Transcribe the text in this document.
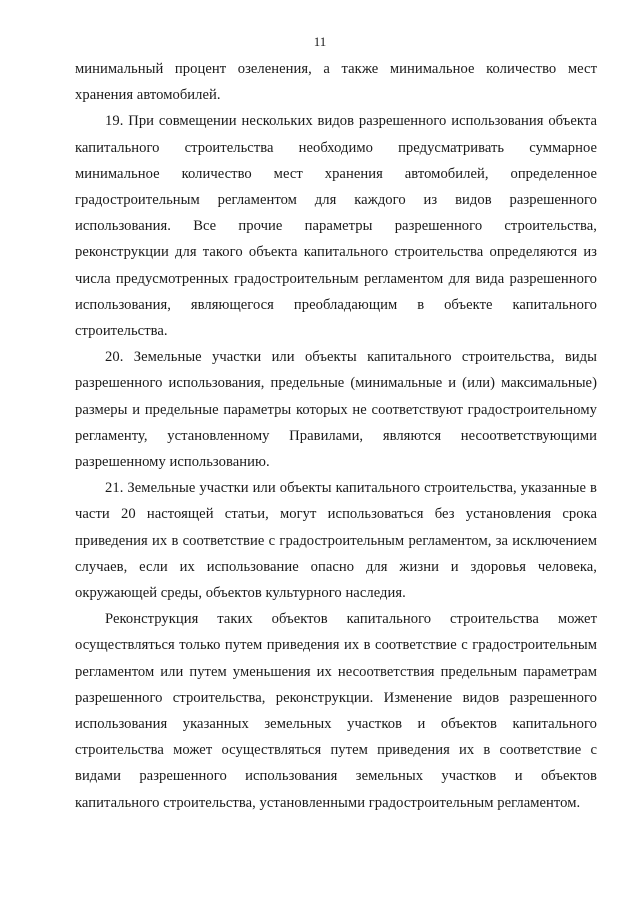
11

минимальный процент озеленения, а также минимальное количество мест хранения автомобилей.

19. При совмещении нескольких видов разрешенного использования объекта капитального строительства необходимо предусматривать суммарное минимальное количество мест хранения автомобилей, определенное градостроительным регламентом для каждого из видов разрешенного использования. Все прочие параметры разрешенного строительства, реконструкции для такого объекта капитального строительства определяются из числа предусмотренных градостроительным регламентом для вида разрешенного использования, являющегося преобладающим в объекте капитального строительства.

20. Земельные участки или объекты капитального строительства, виды разрешенного использования, предельные (минимальные и (или) максимальные) размеры и предельные параметры которых не соответствуют градостроительному регламенту, установленному Правилами, являются несоответствующими разрешенному использованию.

21. Земельные участки или объекты капитального строительства, указанные в части 20 настоящей статьи, могут использоваться без установления срока приведения их в соответствие с градостроительным регламентом, за исключением случаев, если их использование опасно для жизни и здоровья человека, окружающей среды, объектов культурного наследия.

Реконструкция таких объектов капитального строительства может осуществляться только путем приведения их в соответствие с градостроительным регламентом или путем уменьшения их несоответствия предельным параметрам разрешенного строительства, реконструкции. Изменение видов разрешенного использования указанных земельных участков и объектов капитального строительства может осуществляться путем приведения их в соответствие с видами разрешенного использования земельных участков и объектов капитального строительства, установленными градостроительным регламентом.
